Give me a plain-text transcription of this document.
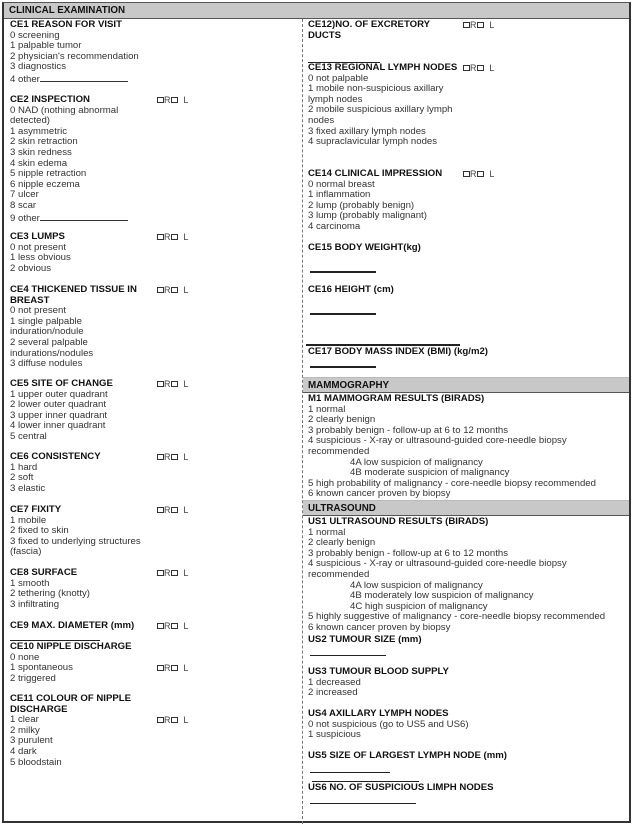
CLINICAL EXAMINATION
CE1 REASON FOR VISIT
0 screening
1 palpable tumor
2 physician's recommendation
3 diagnostics
4 other
CE2 INSPECTION	R L
0 NAD (nothing abnormal
detected)
1 asymmetric
2 skin retraction
3 skin redness
4 skin edema
5 nipple retraction
6 nipple eczema
7 ulcer
8 scar
9 other
CE3 LUMPS	R L
0 not present
1 less obvious
2 obvious
CE4 THICKENED TISSUE IN BREAST
R L
0 not present
1 single palpable
induration/nodule
2 several palpable
indurations/nodules
3 diffuse nodules
CE5 SITE OF CHANGE	R L
1 upper outer quadrant
2 lower outer quadrant
3 upper inner quadrant
4 lower inner quadrant
5 central
CE6 CONSISTENCY	R L
1 hard
2 soft
3 elastic
CE7 FIXITY	R L
1 mobile
2 fixed to skin
3 fixed to underlying structures
(fascia)
CE8 SURFACE	R L
1 smooth
2 tethering (knotty)
3 infiltrating
CE9 MAX. DIAMETER (mm)	R L
CE10 NIPPLE DISCHARGE
0 none
1 spontaneous
2 triggered
R L
CE11 COLOUR OF NIPPLE DISCHARGE
1 clear
2 milky
3 purulent
4 dark
5 bloodstain
R L
CE12)NO. OF EXCRETORY DUCTS
R L
CE13 REGIONAL LYMPH NODES	R L
0 not palpable
1 mobile non-suspicious axillary
lymph nodes
2 mobile suspicious axillary lymph
nodes
3 fixed axillary lymph nodes
4 supraclavicular lymph nodes
CE14 CLINICAL IMPRESSION	R L
0 normal breast
1 inflammation
2 lump (probably benign)
3 lump (probably malignant)
4 carcinoma
CE15 BODY WEIGHT(kg)
CE16 HEIGHT (cm)
CE17 BODY MASS INDEX (BMI) (kg/m2)
MAMMOGRAPHY
M1 MAMMOGRAM RESULTS (BIRADS)
1 normal
2 clearly benign
3 probably benign - follow-up at 6 to 12 months
4 suspicious - X-ray or ultrasound-guided core-needle biopsy recommended
4A low suspicion of malignancy
4B moderate suspicion of malignancy
5 high probability of malignancy - core-needle biopsy recommended
6 known cancer proven by biopsy
ULTRASOUND
US1 ULTRASOUND RESULTS (BIRADS)
1 normal
2 clearly benign
3 probably benign - follow-up at 6 to 12 months
4 suspicious - X-ray or ultrasound-guided core-needle biopsy recommended
4A low suspicion of malignancy
4B moderately low suspicion of malignancy
4C high suspicion of malignancy
5 highly suggestive of malignancy - core-needle biopsy recommended
6 known cancer proven by biopsy
US2 TUMOUR SIZE (mm)
US3 TUMOUR BLOOD SUPPLY
1 decreased
2 increased
US4 AXILLARY LYMPH NODES
0 not suspicious (go to US5 and US6)
1 suspicious
US5 SIZE OF LARGEST LYMPH NODE (mm)
US6 NO. OF SUSPICIOUS LIMPH NODES
